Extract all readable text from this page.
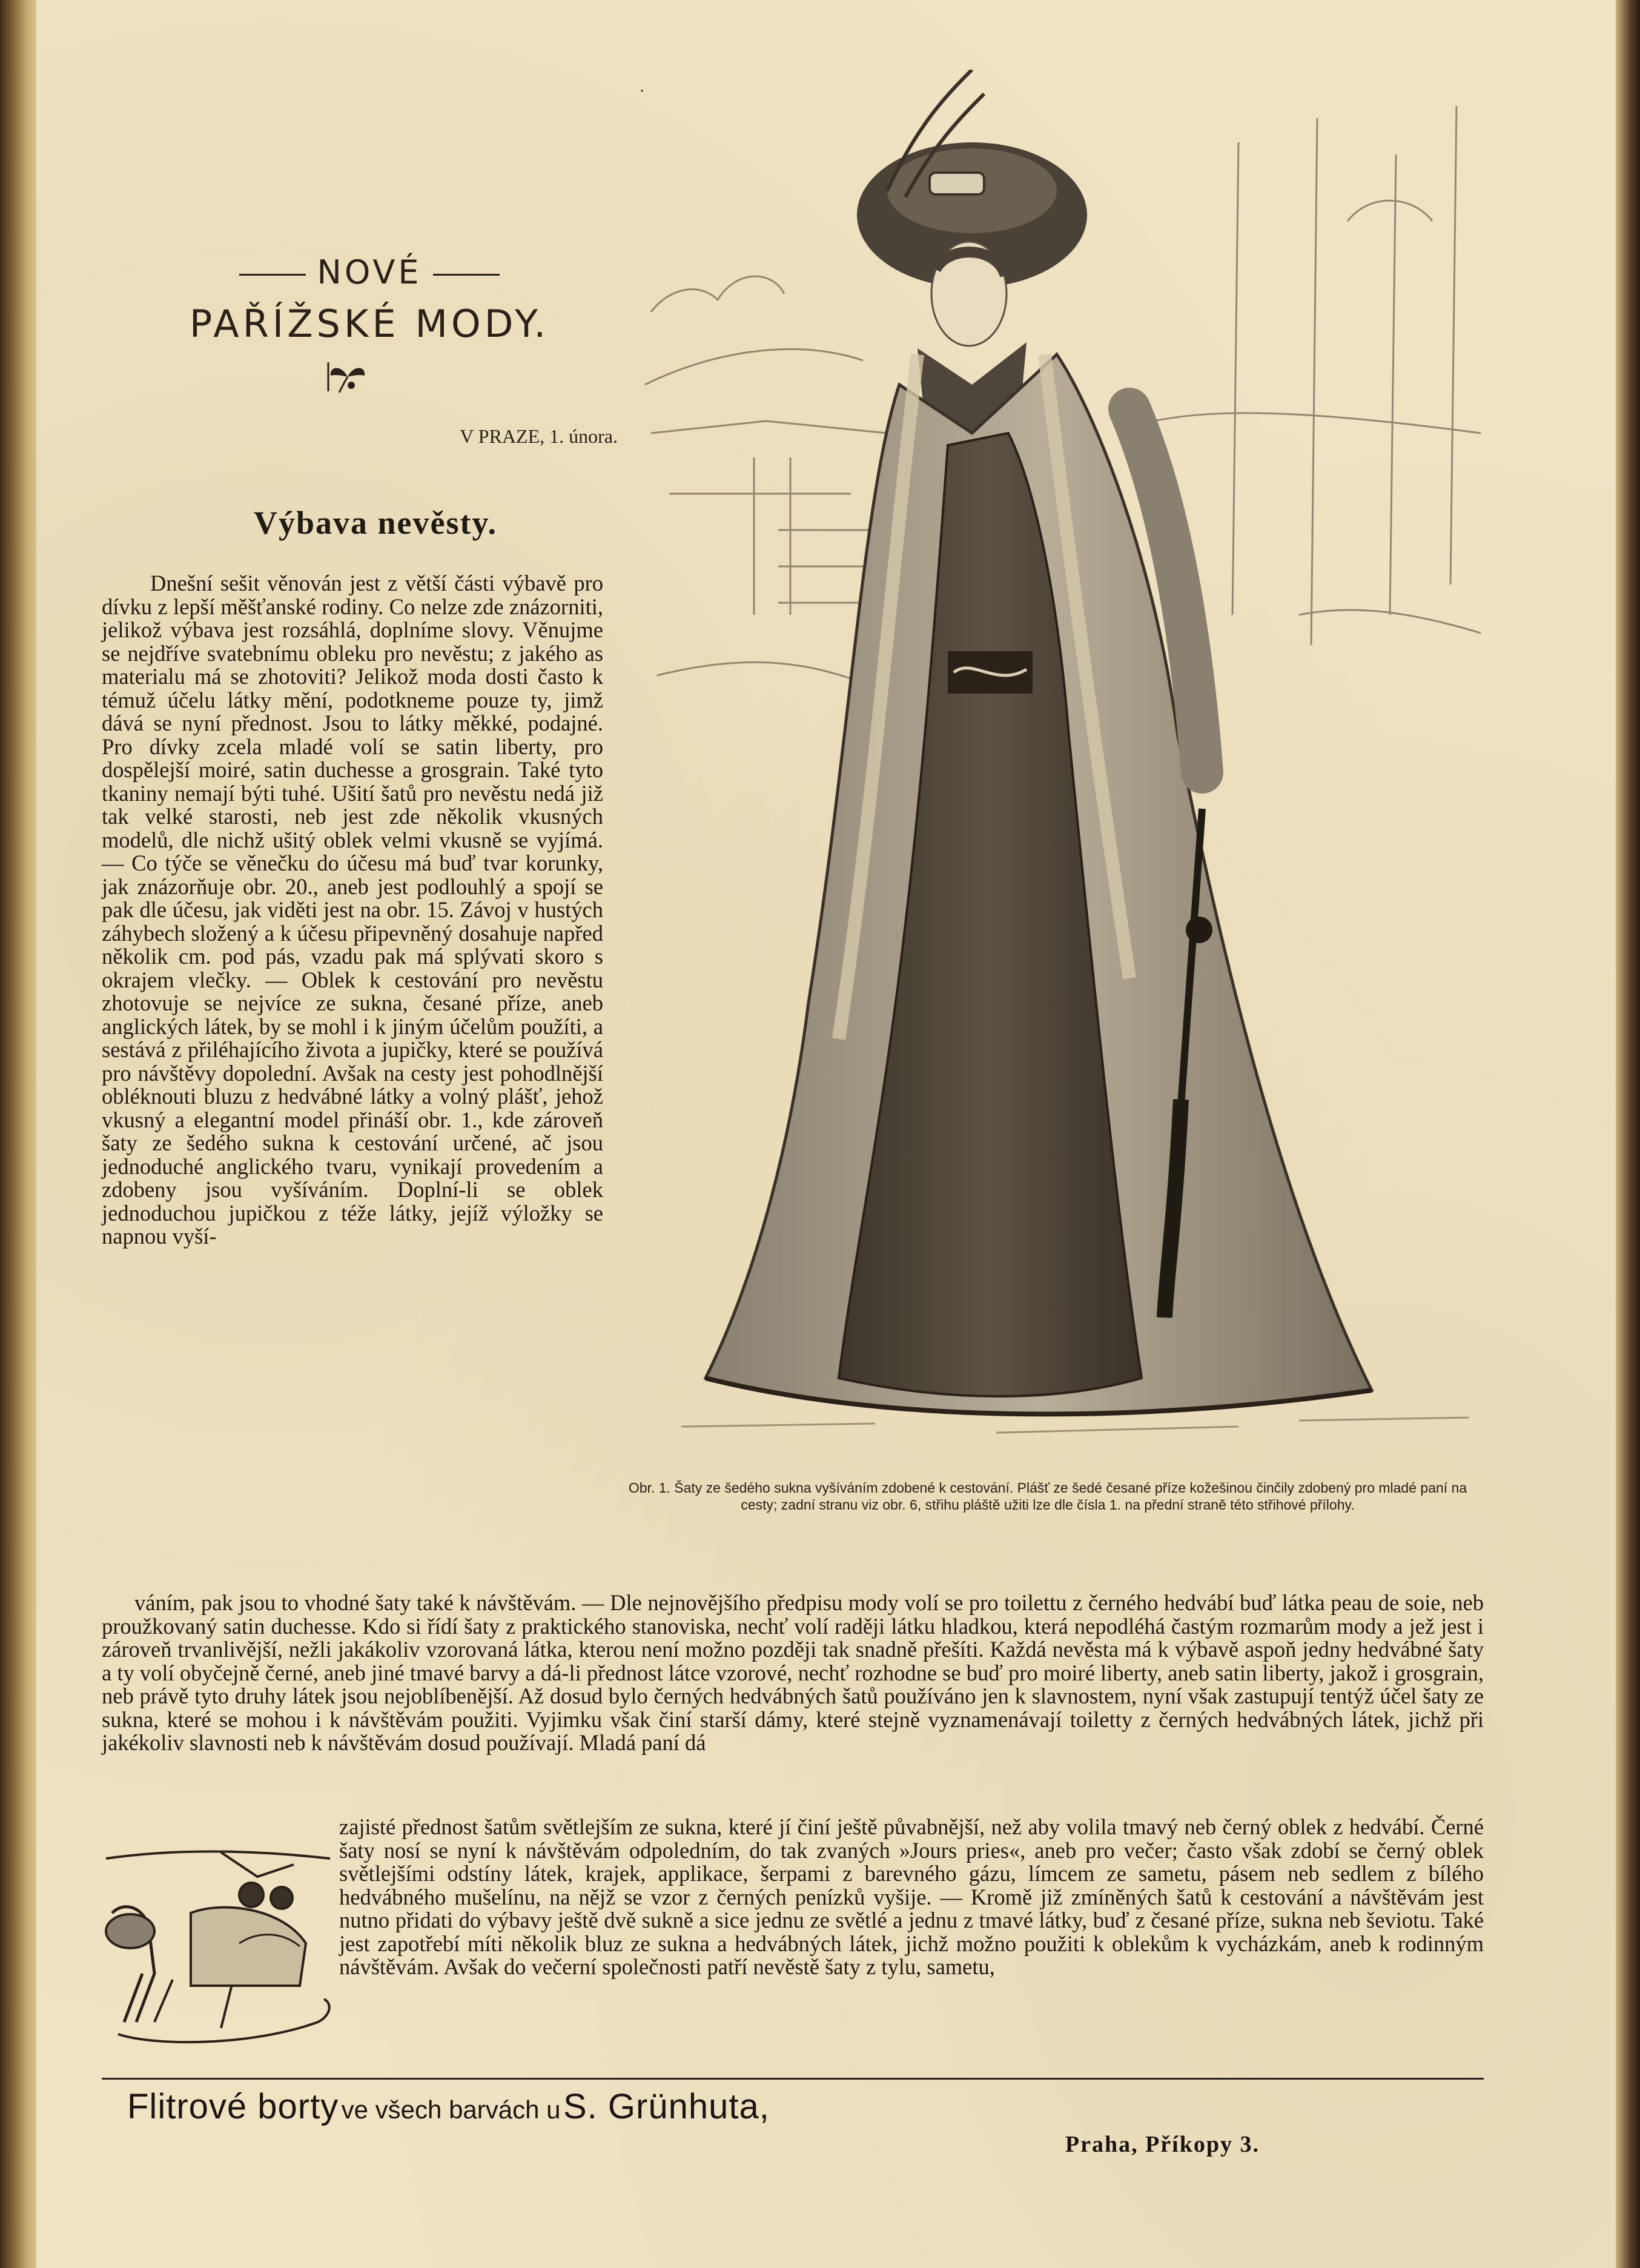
·
NOVÉ
PAŘÍŽSKÉ MODY.
V PRAZE, 1. února.
Výbava nevěsty.
Dnešní sešit věnován jest z větší části výbavě pro dívku z lepší měšťanské rodiny. Co nelze zde znázorniti, jelikož výbava jest rozsáhlá, doplníme slovy. Věnujme se nejdříve svatebnímu obleku pro nevěstu; z jakého as materialu má se zhotoviti? Jelikož moda dosti často k témuž účelu látky mění, podotkneme pouze ty, jimž dává se nyní přednost. Jsou to látky měkké, podajné. Pro dívky zcela mladé volí se satin liberty, pro dospělejší moiré, satin duchesse a grosgrain. Také tyto tkaniny nemají býti tuhé. Ušití šatů pro nevěstu nedá již tak velké starosti, neb jest zde několik vkusných modelů, dle nichž ušitý oblek velmi vkusně se vyjímá. — Co týče se věnečku do účesu má buď tvar korunky, jak znázorňuje obr. 20., aneb jest podlouhlý a spojí se pak dle účesu, jak viděti jest na obr. 15. Závoj v hustých záhybech složený a k účesu připevněný dosahuje napřed několik cm. pod pás, vzadu pak má splývati skoro s okrajem vlečky. — Oblek k cestování pro nevěstu zhotovuje se nejvíce ze sukna, česané příze, aneb anglických látek, by se mohl i k jiným účelům použíti, a sestává z přiléhajícího života a jupičky, které se používá pro návštěvy dopolední. Avšak na cesty jest pohodlnější obléknouti bluzu z hedvábné látky a volný plášť, jehož vkusný a elegantní model přináší obr. 1., kde zároveň šaty ze šedého sukna k cestování určené, ač jsou jednoduché anglického tvaru, vynikají provedením a zdobeny jsou vyšíváním. Doplní-li se oblek jednoduchou jupičkou z téže látky, jejíž výložky se napnou vyší-
Obr. 1. Šaty ze šedého sukna vyšíváním zdobené k cestování. Plášť ze šedé česané příze kožešinou činčily zdobený pro mladé paní na cesty; zadní stranu viz obr. 6, střihu pláště užiti lze dle čísla 1. na přední straně této střihové přílohy.
váním, pak jsou to vhodné šaty také k návštěvám. — Dle nejnovějšího předpisu mody volí se pro toilettu z černého hedvábí buď látka peau de soie, neb proužkovaný satin duchesse. Kdo si řídí šaty z praktického stanoviska, nechť volí raději látku hladkou, která nepodléhá častým rozmarům mody a jež jest i zároveň trvanlivější, nežli jakákoliv vzorovaná látka, kterou není možno později tak snadně přešíti. Každá nevěsta má k výbavě aspoň jedny hedvábné šaty a ty volí obyčejně černé, aneb jiné tmavé barvy a dá-li přednost látce vzorové, nechť rozhodne se buď pro moiré liberty, aneb satin liberty, jakož i grosgrain, neb právě tyto druhy látek jsou nejoblíbenější. Až dosud bylo černých hedvábných šatů používáno jen k slavnostem, nyní však zastupují tentýž účel šaty ze sukna, které se mohou i k návštěvám použiti. Vyjimku však činí starší dámy, které stejně vyznamenávají toiletty z černých hedvábných látek, jichž při jakékoliv slavnosti neb k návštěvám dosud používají. Mladá paní dá
zajisté přednost šatům světlejším ze sukna, které jí činí ještě půvabnější, než aby volila tmavý neb černý oblek z hedvábí. Černé šaty nosí se nyní k návštěvám odpoledním, do tak zvaných »Jours pries«, aneb pro večer; často však zdobí se černý oblek světlejšími odstíny látek, krajek, applikace, šerpami z barevného gázu, límcem ze sametu, pásem neb sedlem z bílého hedvábného mušelínu, na nějž se vzor z černých penízků vyšije. — Kromě již zmíněných šatů k cestování a návštěvám jest nutno přidati do výbavy ještě dvě sukně a sice jednu ze světlé a jednu z tmavé látky, buď z česané příze, sukna neb ševiotu. Také jest zapotřebí míti několik bluz ze sukna a hedvábných látek, jichž možno použiti k oblekům k vycházkám, aneb k rodinným návštěvám. Avšak do večerní společnosti patří nevěstě šaty z tylu, sametu,
Flitrové borty ve všech barvách u S. Grünhuta,
Praha, Příkopy 3.
